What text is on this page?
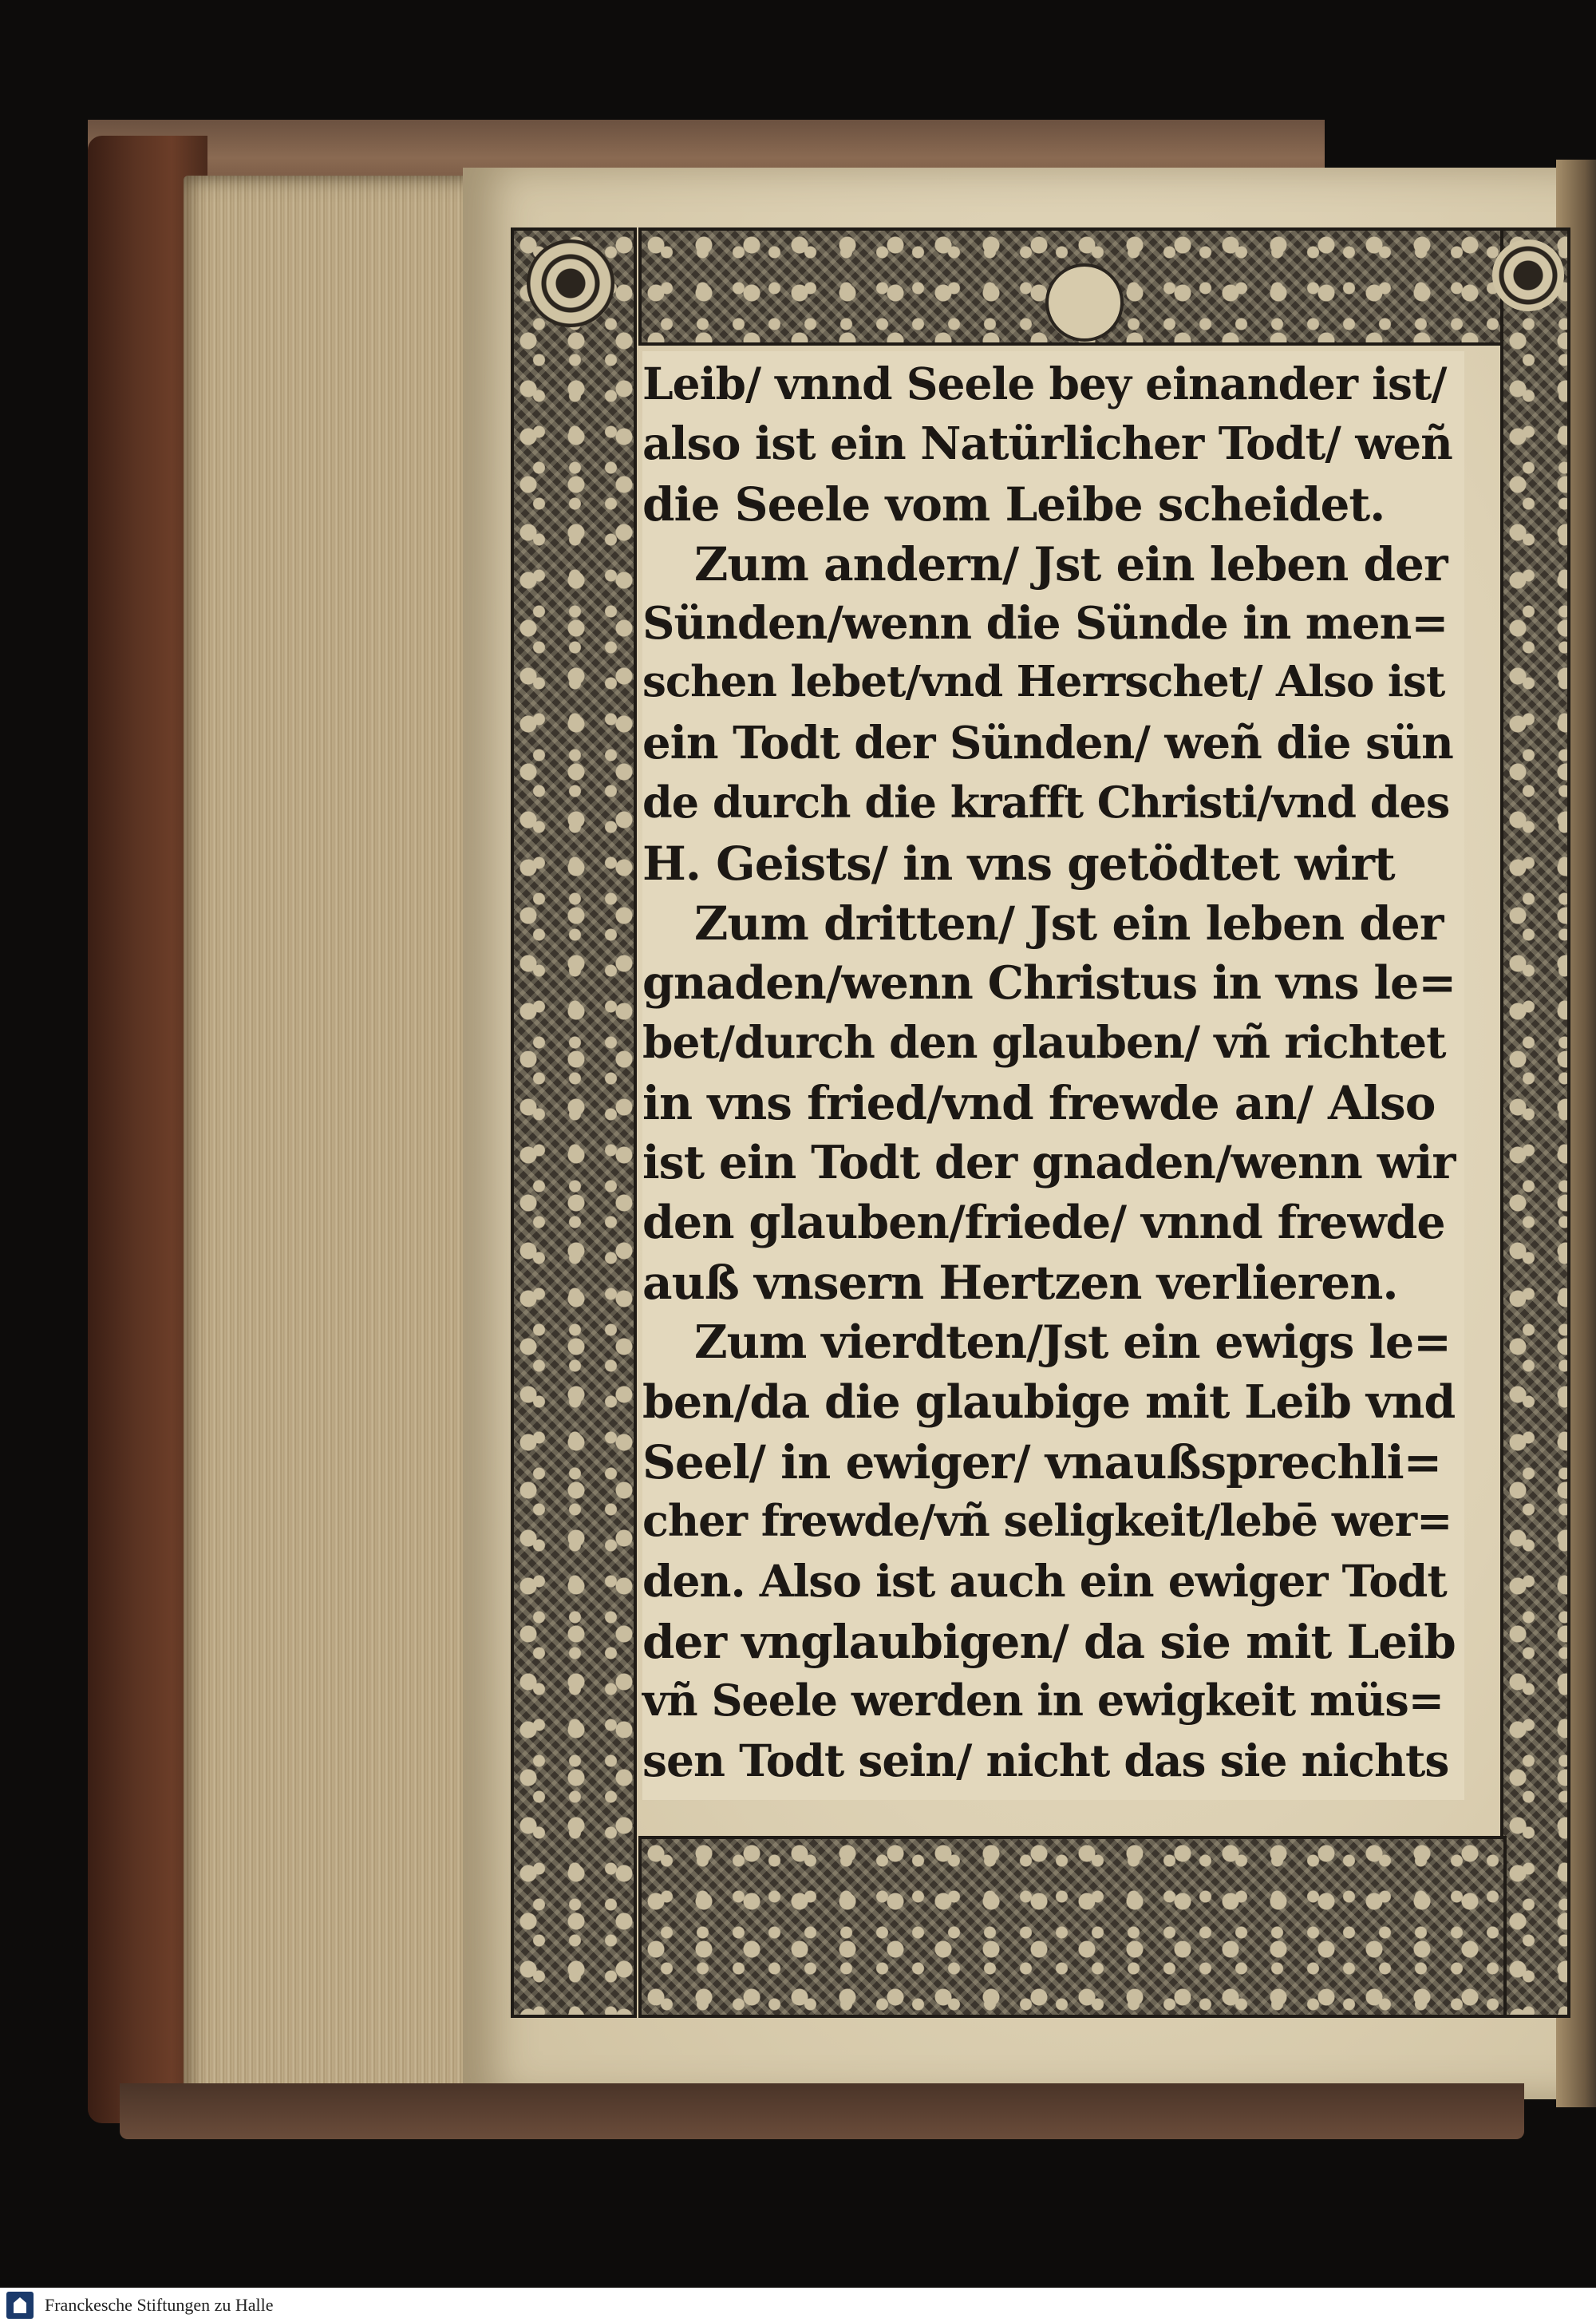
Leib/ vnnd Seele bey einander ist/
also ist ein Natürlicher Todt/ weñ
die Seele vom Leibe scheidet.
Zum andern/ Jst ein leben der
Sünden/wenn die Sünde in men=
schen lebet/vnd Herrschet/ Also ist
ein Todt der Sünden/ weñ die sün
de durch die krafft Christi/vnd des
H. Geists/ in vns getödtet wirt
Zum dritten/ Jst ein leben der
gnaden/wenn Christus in vns le=
bet/durch den glauben/ vñ richtet
in vns fried/vnd frewde an/ Also
ist ein Todt der gnaden/wenn wir
den glauben/friede/ vnnd frewde
auß vnsern Hertzen verlieren.
Zum vierdten/Jst ein ewigs le=
ben/da die glaubige mit Leib vnd
Seel/ in ewiger/ vnaußsprechli=
cher frewde/vñ seligkeit/lebē wer=
den. Also ist auch ein ewiger Todt
der vnglaubigen/ da sie mit Leib
vñ Seele werden in ewigkeit müs=
sen Todt sein/ nicht das sie nichts
Franckesche Stiftungen zu Halle
